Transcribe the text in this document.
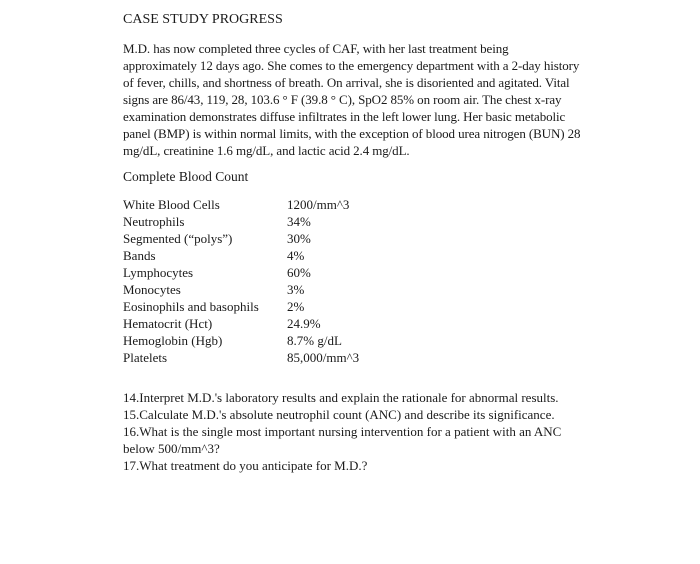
CASE STUDY PROGRESS
M.D. has now completed three cycles of CAF, with her last treatment being
approximately 12 days ago. She comes to the emergency department with a 2-day history
of fever, chills, and shortness of breath. On arrival, she is disoriented and agitated. Vital
signs are 86/43, 119, 28, 103.6 ° F (39.8 ° C), SpO2 85% on room air. The chest x-ray
examination demonstrates diffuse infiltrates in the left lower lung. Her basic metabolic
panel (BMP) is within normal limits, with the exception of blood urea nitrogen (BUN) 28
mg/dL, creatinine 1.6 mg/dL, and lactic acid 2.4 mg/dL.
Complete Blood Count
White Blood Cells	1200/mm^3
Neutrophils	34%
Segmented (“polys”)	30%
Bands	4%
Lymphocytes	60%
Monocytes	3%
Eosinophils and basophils	2%
Hematocrit (Hct)	24.9%
Hemoglobin (Hgb)	8.7% g/dL
Platelets	85,000/mm^3
14.Interpret M.D.'s laboratory results and explain the rationale for abnormal results.
15.Calculate M.D.'s absolute neutrophil count (ANC) and describe its significance.
16.What is the single most important nursing intervention for a patient with an ANC
below 500/mm^3?
17.What treatment do you anticipate for M.D.?
